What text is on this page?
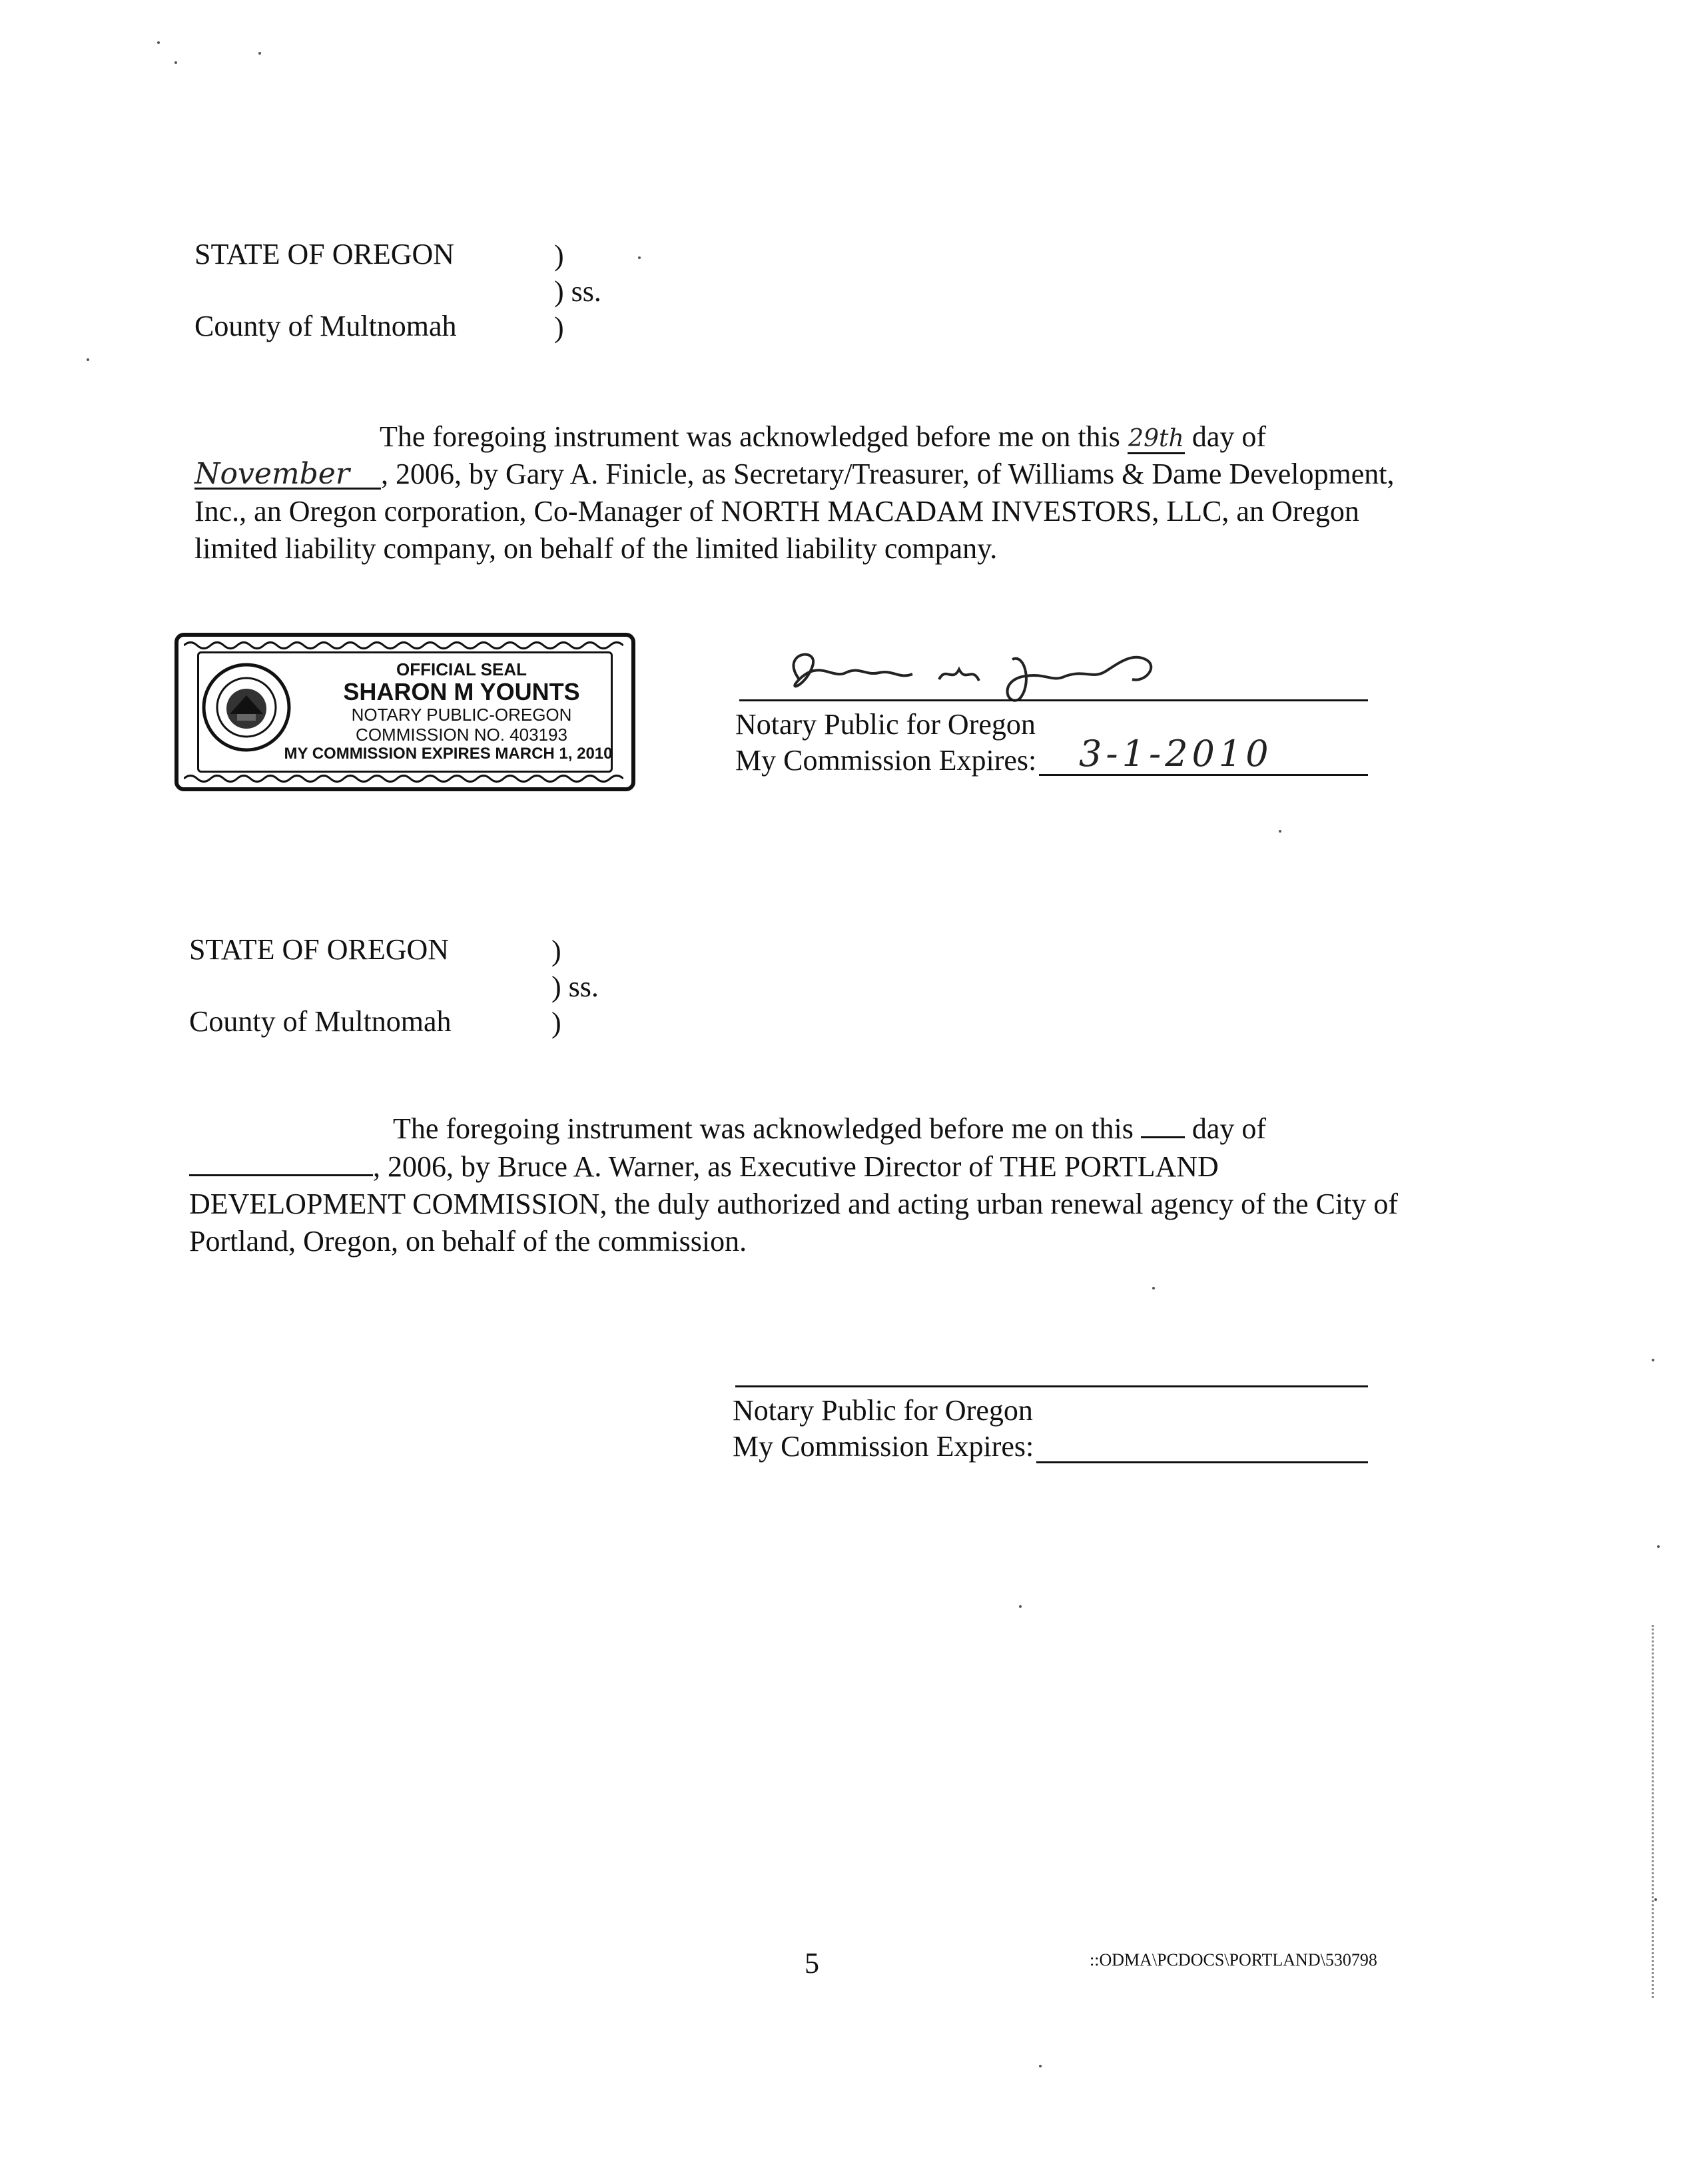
STATE OF OREGON
County of Multnomah
)
) ss.
)
The foregoing instrument was acknowledged before me on this 29th day of
November , 2006, by Gary A. Finicle, as Secretary/Treasurer, of Williams & Dame Development,
Inc., an Oregon corporation, Co-Manager of NORTH MACADAM INVESTORS, LLC, an Oregon
limited liability company, on behalf of the limited liability company.
OFFICIAL SEAL
SHARON M YOUNTS
NOTARY PUBLIC-OREGON
COMMISSION NO. 403193
MY COMMISSION EXPIRES MARCH 1, 2010
Notary Public for Oregon
My Commission Expires: 3-1-2010
STATE OF OREGON
County of Multnomah
)
) ss.
)
The foregoing instrument was acknowledged before me on this day of
, 2006, by Bruce A. Warner, as Executive Director of THE PORTLAND
DEVELOPMENT COMMISSION, the duly authorized and acting urban renewal agency of the City of
Portland, Oregon, on behalf of the commission.
Notary Public for Oregon
My Commission Expires:
5	::ODMA\PCDOCS\PORTLAND\530798
